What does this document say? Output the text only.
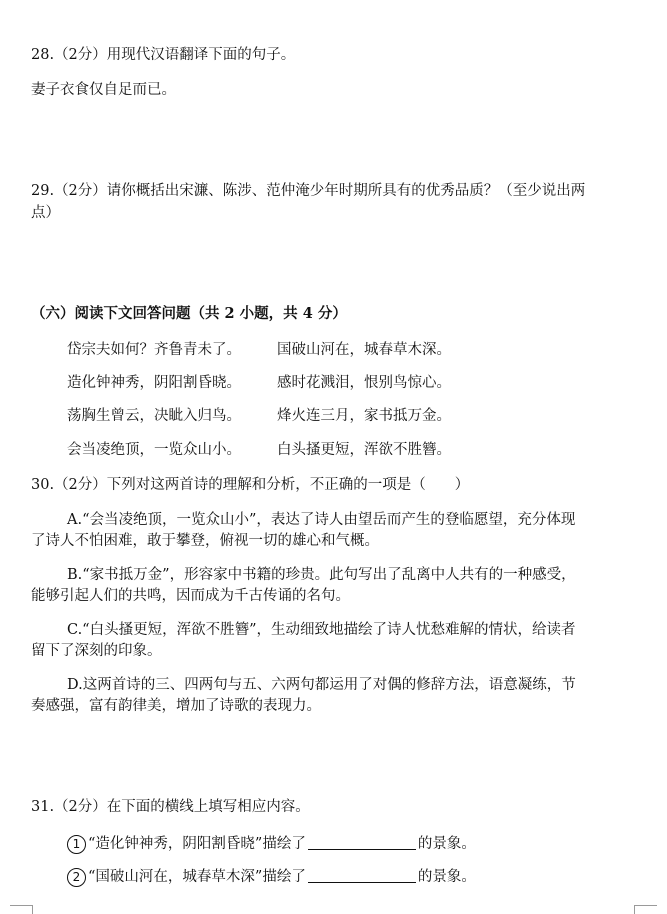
28.（2分）用现代汉语翻译下面的句子。
妻子衣食仅自足而已。
29.（2分）请你概括出宋濂、陈涉、范仲淹少年时期所具有的优秀品质？（至少说出两
点）
（六）阅读下文回答问题（共 2 小题，共 4 分）
岱宗夫如何？齐鲁青未了。 国破山河在，城春草木深。
造化钟神秀，阴阳割昏晓。 感时花溅泪，恨别鸟惊心。
荡胸生曾云，决眦入归鸟。 烽火连三月，家书抵万金。
会当凌绝顶，一览众山小。 白头搔更短，浑欲不胜簪。
30.（2分）下列对这两首诗的理解和分析，不正确的一项是（　　）
A.“会当凌绝顶，一览众山小”，表达了诗人由望岳而产生的登临愿望，充分体现
了诗人不怕困难，敢于攀登，俯视一切的雄心和气概。
B.“家书抵万金”，形容家中书籍的珍贵。此句写出了乱离中人共有的一种感受，
能够引起人们的共鸣，因而成为千古传诵的名句。
C.“白头搔更短，浑欲不胜簪”，生动细致地描绘了诗人忧愁难解的情状，给读者
留下了深刻的印象。
D.这两首诗的三、四两句与五、六两句都运用了对偶的修辞方法，语意凝练，节
奏感强，富有韵律美，增加了诗歌的表现力。
31.（2分）在下面的横线上填写相应内容。
1 “造化钟神秀，阴阳割昏晓”描绘了	的景象。
2 “国破山河在，城春草木深”描绘了	的景象。
